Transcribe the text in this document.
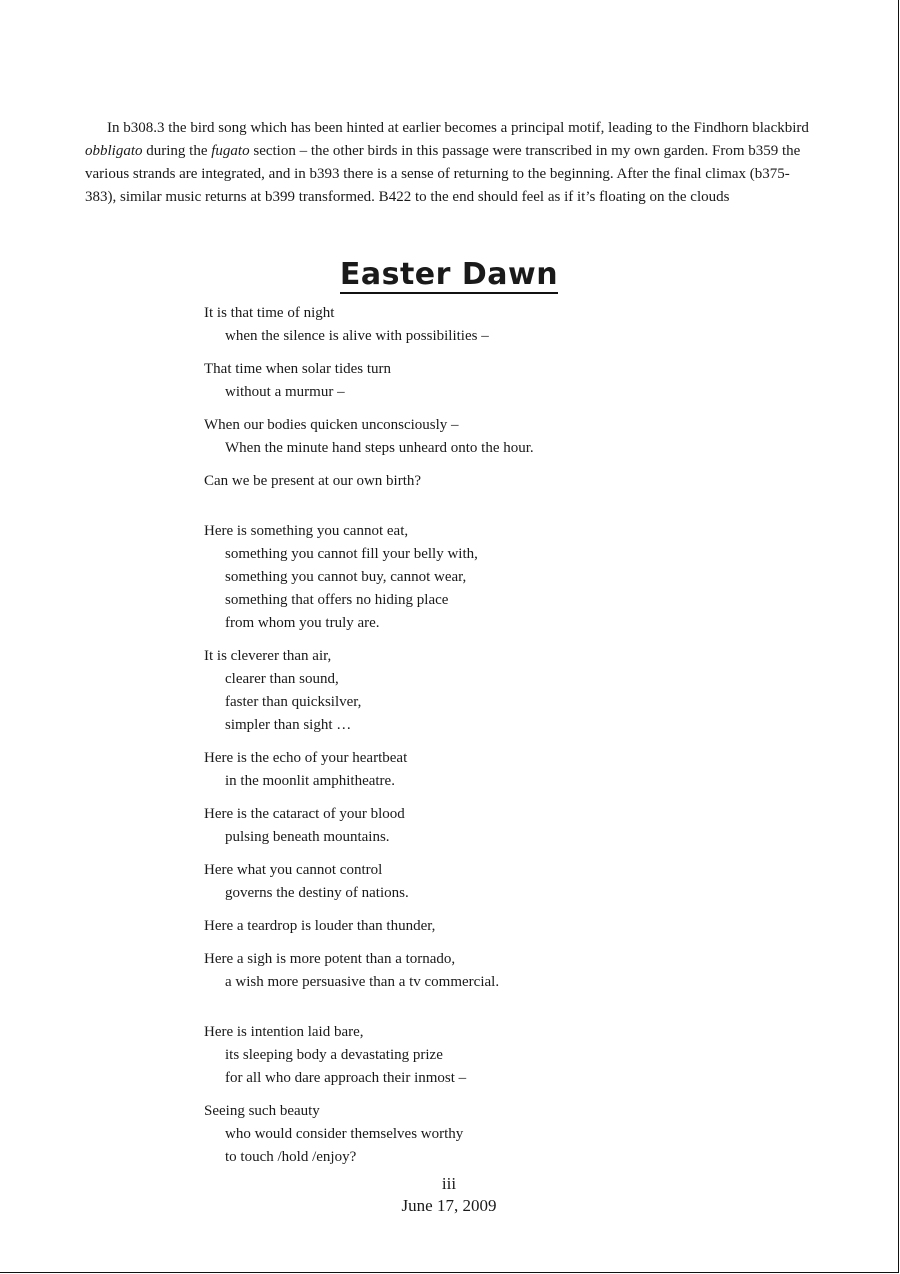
In b308.3 the bird song which has been hinted at earlier becomes a principal motif, leading to the Findhorn blackbird obbligato during the fugato section – the other birds in this passage were transcribed in my own garden. From b359 the various strands are integrated, and in b393 there is a sense of returning to the beginning. After the final climax (b375-383), similar music returns at b399 transformed. B422 to the end should feel as if it’s floating on the clouds

Easter Dawn
It is that time of night
when the silence is alive with possibilities –
That time when solar tides turn
without a murmur –
When our bodies quicken unconsciously –
When the minute hand steps unheard onto the hour.
Can we be present at our own birth?
Here is something you cannot eat,
something you cannot fill your belly with,
something you cannot buy, cannot wear,
something that offers no hiding place
from whom you truly are.
It is cleverer than air,
clearer than sound,
faster than quicksilver,
simpler than sight …
Here is the echo of your heartbeat
in the moonlit amphitheatre.
Here is the cataract of your blood
pulsing beneath mountains.
Here what you cannot control
governs the destiny of nations.
Here a teardrop is louder than thunder,
Here a sigh is more potent than a tornado,
a wish more persuasive than a tv commercial.
Here is intention laid bare,
its sleeping body a devastating prize
for all who dare approach their inmost –
Seeing such beauty
who would consider themselves worthy
to touch /hold /enjoy?
iii
June 17, 2009
